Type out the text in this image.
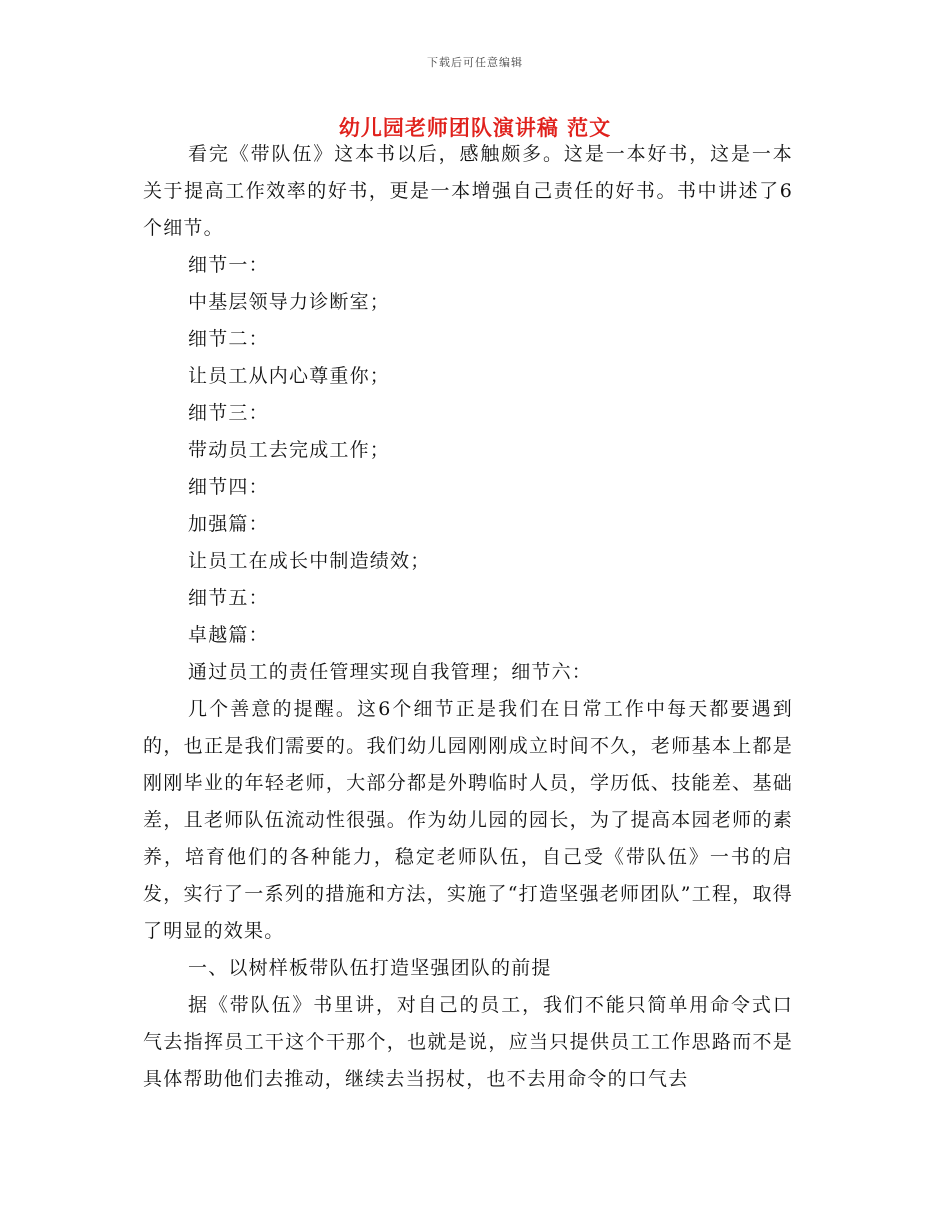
下载后可任意编辑
幼儿园老师团队演讲稿 范文

看完《带队伍》这本书以后，感触颇多。这是一本好书，这是一本关于提高工作效率的好书，更是一本增强自己责任的好书。书中讲述了6个细节。

细节一：

中基层领导力诊断室；

细节二：

让员工从内心尊重你；

细节三：

带动员工去完成工作；

细节四：

加强篇：

让员工在成长中制造绩效；

细节五：

卓越篇：

通过员工的责任管理实现自我管理；细节六：

几个善意的提醒。这6个细节正是我们在日常工作中每天都要遇到的，也正是我们需要的。我们幼儿园刚刚成立时间不久，老师基本上都是刚刚毕业的年轻老师，大部分都是外聘临时人员，学历低、技能差、基础差，且老师队伍流动性很强。作为幼儿园的园长，为了提高本园老师的素养，培育他们的各种能力，稳定老师队伍，自己受《带队伍》一书的启发，实行了一系列的措施和方法，实施了“打造坚强老师团队”工程，取得了明显的效果。

一、以树样板带队伍打造坚强团队的前提

据《带队伍》书里讲，对自己的员工，我们不能只简单用命令式口气去指挥员工干这个干那个，也就是说，应当只提供员工工作思路而不是具体帮助他们去推动，继续去当拐杖，也不去用命令的口气去
